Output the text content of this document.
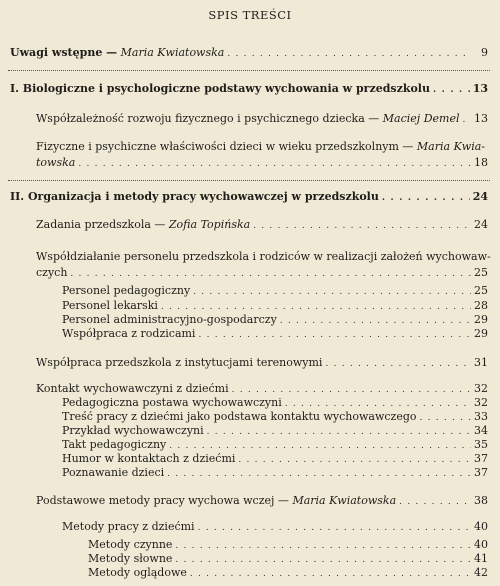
SPIS TREŚCI
Uwagi wstępne — Maria Kwiatowska . . .	9
I. Biologiczne i psychologiczne podstawy wychowania w przedszkolu . . .	13
Współzależność rozwoju fizycznego i psychicznego dziecka — Maciej Demel . . . 13
Fizyczne i psychiczne właściwości dzieci w wieku przedszkolnym — Maria Kwia-
towska . . .	18
II. Organizacja i metody pracy wychowawczej w przedszkolu . . .	24
Zadania przedszkola — Zofia Topińska . . .	24
Współdziałanie personelu przedszkola i rodziców w realizacji założeń wychowaw-
czych . . .	25
Personel pedagogiczny . . .	25
Personel lekarski . . .	28
Personel administracyjno-gospodarczy . . .	29
Współpraca z rodzicami . . .	29
Współpraca przedszkola z instytucjami terenowymi . . .	31
Kontakt wychowawczyni z dziećmi . . .	32
Pedagogiczna postawa wychowawczyni . . .	32
Treść pracy z dziećmi jako podstawa kontaktu wychowawczego . . .	33
Przykład wychowawczyni . . .	34
Takt pedagogiczny . . .	35
Humor w kontaktach z dziećmi . . .	37
Poznawanie dzieci . . .	37
Podstawowe metody pracy wychowa wczej — Maria Kwiatowska . . .	38
Metody pracy z dziećmi . . .	40
Metody czynne . . .	40
Metody słowne . . .	41
Metody oglądowe . . .	42
